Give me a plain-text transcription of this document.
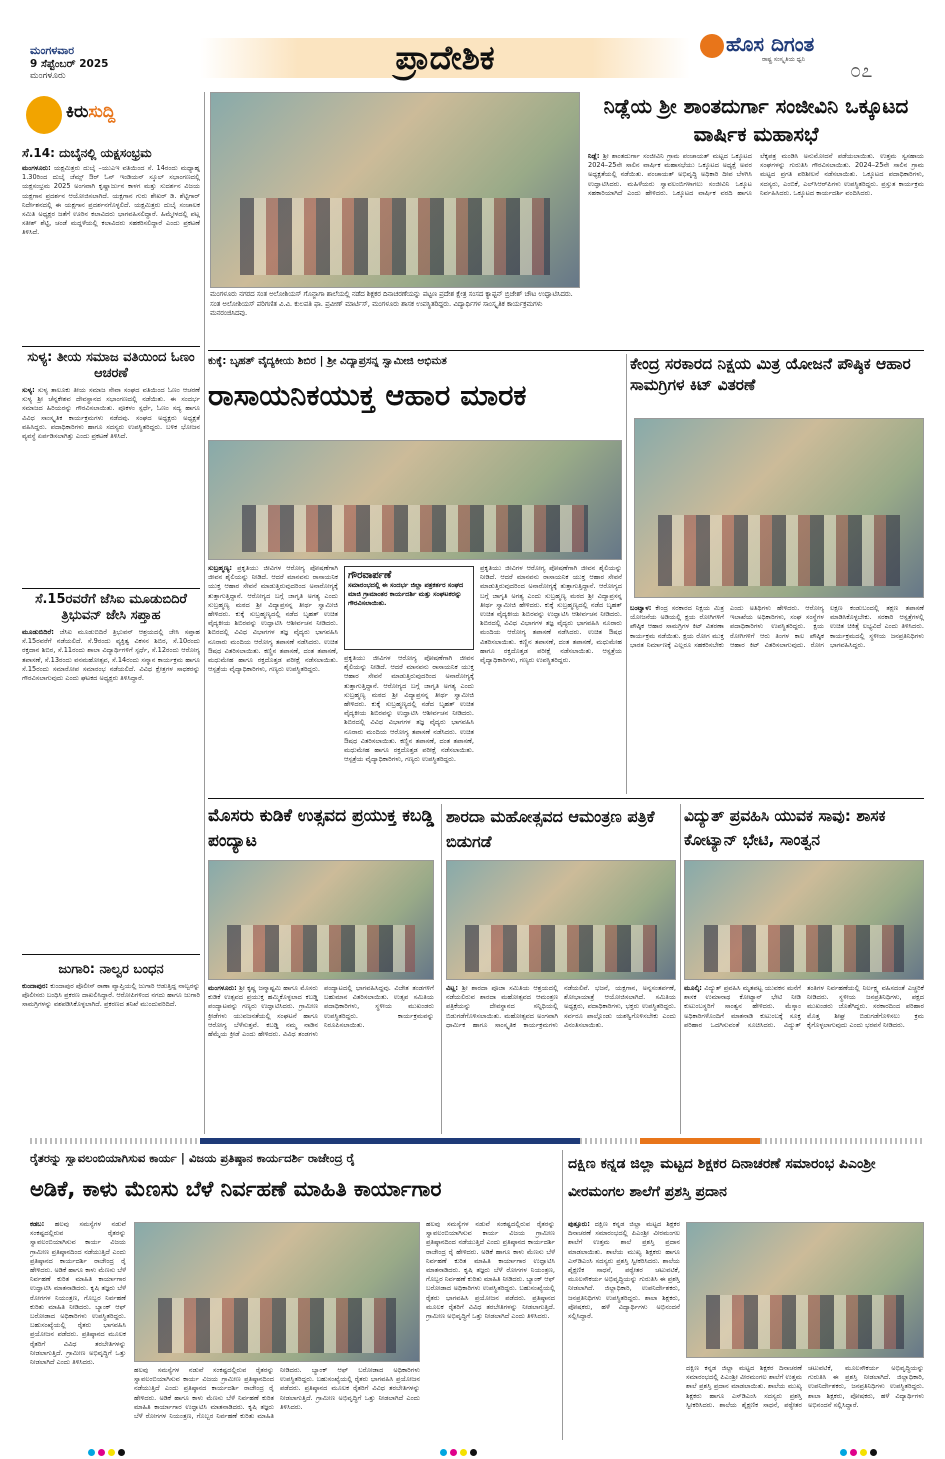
ಮಂಗಳವಾರ
9 ಸೆಪ್ಟೆಂಬರ್ 2025
ಮಂಗಳೂರು	ಪ್ರಾದೇಶಿಕ	ಹೊಸ ದಿಗಂತ
ರಾಷ್ಟ್ರ ಸಂಸ್ಕೃತಿಯ ಧ್ವನಿ ೦೭
ಕಿರುಸುದ್ದಿ
ಸೆ.14: ದುಬೈನಲ್ಲಿ ಯಕ್ಷಸಂಭ್ರಮ
ಮಂಗಳೂರು: ಯಕ್ಷಮಿತ್ರರು ದುಬೈ –ಯುಎಇ ವತಿಯಿಂದ ಸೆ. 14ರಂದು ಮಧ್ಯಾಹ್ನ 1.30ರಿಂದ ದುಬೈ ಜೆಮ್ಸ್‌ ಔರ್‌ ಓನ್ ಇಂಡಿಯನ್ ಸ್ಕೂಲ್ ಸಭಾಂಗಣದಲ್ಲಿ ಯಕ್ಷಸಂಭ್ರಮ 2025 ಅಂಗವಾಗಿ ಕೃಷ್ಣಾರ್ಜುನ ಕಾಳಗ ಮತ್ತು ಸುದರ್ಶನ ವಿಜಯ ಯಕ್ಷಗಾನ ಪ್ರದರ್ಶನ ಆಯೋಜಿಸಲಾಗಿದೆ. ಯಕ್ಷಗಾನ ಗುರು ಶೇಖರ್ ಡಿ. ಶೆಟ್ಟಿಗಾರ್ ನಿರ್ದೇಶನದಲ್ಲಿ ಈ ಯಕ್ಷಗಾನ ಪ್ರದರ್ಶನಗೊಳ್ಳಲಿದೆ. ಯಕ್ಷಮಿತ್ರರು ದುಬೈ ಸಂಚಾಲಕ ಸಮಿತಿ ಅಧ್ಯಕ್ಷರ ಜತೆಗೆ ಊರಿನ ಕಲಾವಿದರು ಭಾಗವಹಿಸಲಿದ್ದಾರೆ. ಹಿಮ್ಮೇಳದಲ್ಲಿ ಪಟ್ಲ ಸತೀಶ್ ಶೆಟ್ಟಿ, ಚಂಡೆ ಮದ್ದಳೆಯಲ್ಲಿ ಕಲಾವಿದರು ಸಹಕರಿಸಲಿದ್ದಾರೆ ಎಂದು ಪ್ರಕಟಣೆ ತಿಳಿಸಿದೆ.
ಸುಳ್ಯ: ತೀಯ ಸಮಾಜ ವತಿಯಿಂದ ಓಣಂ ಆಚರಣೆ
ಸುಳ್ಯ: ಸುಳ್ಯ ತಾಲೂಕು ತೀಯ ಸಮಾಜ ಸೇವಾ ಸಂಘದ ವತಿಯಿಂದ ಓಣಂ ಆಚರಣೆ ಸುಳ್ಯ ಶ್ರೀ ಚೆನ್ನಕೇಶವ ದೇವಸ್ಥಾನದ ಸಭಾಂಗಣದಲ್ಲಿ ನಡೆಯಿತು. ಈ ಸಂದರ್ಭ ಸಮಾಜದ ಹಿರಿಯರನ್ನು ಗೌರವಿಸಲಾಯಿತು. ಪೂಕಳಂ ಸ್ಪರ್ಧೆ, ಓಣಂ ಸದ್ಯ ಹಾಗೂ ವಿವಿಧ ಸಾಂಸ್ಕೃತಿಕ ಕಾರ್ಯಕ್ರಮಗಳು ನಡೆದವು. ಸಂಘದ ಅಧ್ಯಕ್ಷರು ಅಧ್ಯಕ್ಷತೆ ವಹಿಸಿದ್ದರು. ಪದಾಧಿಕಾರಿಗಳು ಹಾಗೂ ಸದಸ್ಯರು ಉಪಸ್ಥಿತರಿದ್ದರು. ಬಳಿಕ ಭೋಜನ ವ್ಯವಸ್ಥೆ ಏರ್ಪಡಿಸಲಾಗಿತ್ತು ಎಂದು ಪ್ರಕಟಣೆ ತಿಳಿಸಿದೆ.
ಸೆ.15ರವರೆಗೆ ಜೆಸಿಐ ಮೂಡುಬಿದಿರೆ ತ್ರಿಭುವನ್ ಜೇಸಿ ಸಪ್ತಾಹ
ಮೂಡುಬಿದಿರೆ: ಜೆಸಿಐ ಮೂಡುಬಿದಿರೆ ತ್ರಿಭುವನ್ ಆಶ್ರಯದಲ್ಲಿ ಜೇಸಿ ಸಪ್ತಾಹ ಸೆ.15ರವರೆಗೆ ನಡೆಯಲಿದೆ. ಸೆ.9ರಂದು ವ್ಯಕ್ತಿತ್ವ ವಿಕಸನ ಶಿಬಿರ, ಸೆ.10ರಂದು ರಕ್ತದಾನ ಶಿಬಿರ, ಸೆ.11ರಂದು ಶಾಲಾ ವಿದ್ಯಾರ್ಥಿಗಳಿಗೆ ಸ್ಪರ್ಧೆ, ಸೆ.12ರಂದು ಆರೋಗ್ಯ ತಪಾಸಣೆ, ಸೆ.13ರಂದು ವನಮಹೋತ್ಸವ, ಸೆ.14ರಂದು ಸನ್ಮಾನ ಕಾರ್ಯಕ್ರಮ ಹಾಗೂ ಸೆ.15ರಂದು ಸಮಾರೋಪ ಸಮಾರಂಭ ನಡೆಯಲಿದೆ. ವಿವಿಧ ಕ್ಷೇತ್ರಗಳ ಸಾಧಕರನ್ನು ಗೌರವಿಸಲಾಗುವುದು ಎಂದು ಘಟಕದ ಅಧ್ಯಕ್ಷರು ತಿಳಿಸಿದ್ದಾರೆ.
ಜುಗಾರಿ: ನಾಲ್ವರ ಬಂಧನ
ಕುಂದಾಪುರ: ಕುಂದಾಪುರ ಪೊಲೀಸ್ ಠಾಣಾ ವ್ಯಾಪ್ತಿಯಲ್ಲಿ ಜುಗಾರಿ ಆಡುತ್ತಿದ್ದ ನಾಲ್ವರನ್ನು ಪೊಲೀಸರು ಬಂಧಿಸಿ ಪ್ರಕರಣ ದಾಖಲಿಸಿದ್ದಾರೆ. ಆರೋಪಿಗಳಿಂದ ನಗದು ಹಾಗೂ ಜುಗಾರಿ ಸಾಮಗ್ರಿಗಳನ್ನು ವಶಪಡಿಸಿಕೊಳ್ಳಲಾಗಿದೆ. ಪ್ರಕರಣದ ತನಿಖೆ ಮುಂದುವರಿದಿದೆ.
ಮಂಗಳೂರು ನಗರದ ಸಂತ ಅಲೋಶಿಯಸ್ ಗೊನ್ಜಾಗಾ ಶಾಲೆಯಲ್ಲಿ ನಡೆದ ಶಿಕ್ಷಕರ ದಿನಾಚರಣೆಯನ್ನು ಪಟ್ಟಣ ಪ್ರದೇಶ ಕ್ಷೇತ್ರ ಸಂಸದ ಕ್ಯಾಪ್ಟನ್ ಬ್ರಿಜೇಶ್ ಚೌಟ ಉದ್ಘಾಟಿಸಿದರು. ಸಂತ ಅಲೋಶಿಯಸ್ ಪರಿಗಣಿತ ವಿ.ವಿ. ಕುಲಪತಿ ಫಾ. ಪ್ರವೀಣ್ ಮಾರ್ಟಿಸ್, ಮಂಗಳೂರು ಶಾಸಕ ಉಪಸ್ಥಿತರಿದ್ದರು. ವಿದ್ಯಾರ್ಥಿಗಳ ಸಾಂಸ್ಕೃತಿಕ ಕಾರ್ಯಕ್ರಮಗಳು ಮನರಂಜಿಸಿದವು.
ನಿಡ್ಲೆಯ ಶ್ರೀ ಶಾಂತದುರ್ಗಾ ಸಂಜೀವಿನಿ ಒಕ್ಕೂಟದ ವಾರ್ಷಿಕ ಮಹಾಸಭೆ
ನಿಡ್ಲೆ: ಶ್ರೀ ಶಾಂತದುರ್ಗಾ ಸಂಜೀವಿನಿ ಗ್ರಾಮ ಪಂಚಾಯತ್ ಮಟ್ಟದ ಒಕ್ಕೂಟದ 2024–25ನೇ ಸಾಲಿನ ವಾರ್ಷಿಕ ಮಹಾಸಭೆಯು ಒಕ್ಕೂಟದ ಅಧ್ಯಕ್ಷೆ ಅವರ ಅಧ್ಯಕ್ಷತೆಯಲ್ಲಿ ನಡೆಯಿತು. ಪಂಚಾಯತ್ ಅಭಿವೃದ್ಧಿ ಅಧಿಕಾರಿ ದೀಪ ಬೆಳಗಿಸಿ ಉದ್ಘಾಟಿಸಿದರು. ಮಹಿಳೆಯರು ಸ್ವಾವಲಂಬಿಗಳಾಗಲು ಸಂಜೀವಿನಿ ಒಕ್ಕೂಟ ಸಹಕಾರಿಯಾಗಿದೆ ಎಂದು ಹೇಳಿದರು. ಒಕ್ಕೂಟದ ವಾರ್ಷಿಕ ವರದಿ ಹಾಗೂ ಲೆಕ್ಕಪತ್ರ ಮಂಡಿಸಿ ಅನುಮೋದನೆ ಪಡೆಯಲಾಯಿತು. ಉತ್ತಮ ಸ್ವಸಹಾಯ ಸಂಘಗಳನ್ನು ಗುರುತಿಸಿ ಗೌರವಿಸಲಾಯಿತು. 2024–25ನೇ ಸಾಲಿನ ಗ್ರಾಮ ಮಟ್ಟದ ಪ್ರಗತಿ ಪರಿಶೀಲನೆ ನಡೆಸಲಾಯಿತು. ಒಕ್ಕೂಟದ ಪದಾಧಿಕಾರಿಗಳು, ಸದಸ್ಯರು, ಎಂಬಿಕೆ, ಎಲ್‌ಸಿಆರ್‌ಪಿಗಳು ಉಪಸ್ಥಿತರಿದ್ದರು. ಪ್ರಸ್ತುತ ಕಾರ್ಯಕ್ರಮ ನಿರ್ವಹಿಸಿದರು. ಒಕ್ಕೂಟದ ಕಾರ್ಯದರ್ಶಿ ವಂದಿಸಿದರು.
ಕುಕ್ಕೆ: ಬೃಹತ್ ವೈದ್ಯಕೀಯ ಶಿಬಿರ | ಶ್ರೀ ವಿದ್ಯಾಪ್ರಸನ್ನ ಸ್ವಾಮೀಜಿ ಅಭಿಮತ
ರಾಸಾಯನಿಕಯುಕ್ತ ಆಹಾರ ಮಾರಕ
ಸುಬ್ರಹ್ಮಣ್ಯ: ಪ್ರಕೃತಿಯು ಜೀವಿಗಳ ಆರೋಗ್ಯ ಪೋಷಣೆಗಾಗಿ ಜೀವನ ಶೈಲಿಯನ್ನು ನೀಡಿದೆ. ಆದರೆ ಮಾನವನು ರಾಸಾಯನಿಕ ಯುಕ್ತ ಆಹಾರ ಸೇವನೆ ಮಾಡುತ್ತಿರುವುದರಿಂದ ಅನಾರೋಗ್ಯಕ್ಕೆ ತುತ್ತಾಗುತ್ತಿದ್ದಾನೆ. ಆರೋಗ್ಯದ ಬಗ್ಗೆ ಜಾಗೃತಿ ಅಗತ್ಯ ಎಂದು ಸುಬ್ರಹ್ಮಣ್ಯ ಮಠದ ಶ್ರೀ ವಿದ್ಯಾಪ್ರಸನ್ನ ತೀರ್ಥ ಸ್ವಾಮೀಜಿ ಹೇಳಿದರು. ಕುಕ್ಕೆ ಸುಬ್ರಹ್ಮಣ್ಯದಲ್ಲಿ ನಡೆದ ಬೃಹತ್ ಉಚಿತ ವೈದ್ಯಕೀಯ ಶಿಬಿರವನ್ನು ಉದ್ಘಾಟಿಸಿ ಆಶೀರ್ವಚನ ನೀಡಿದರು. ಶಿಬಿರದಲ್ಲಿ ವಿವಿಧ ವಿಭಾಗಗಳ ತಜ್ಞ ವೈದ್ಯರು ಭಾಗವಹಿಸಿ ನೂರಾರು ಮಂದಿಯ ಆರೋಗ್ಯ ತಪಾಸಣೆ ನಡೆಸಿದರು. ಉಚಿತ ಔಷಧ ವಿತರಿಸಲಾಯಿತು. ಕಣ್ಣಿನ ತಪಾಸಣೆ, ದಂತ ತಪಾಸಣೆ, ಮಧುಮೇಹ ಹಾಗೂ ರಕ್ತದೊತ್ತಡ ಪರೀಕ್ಷೆ ನಡೆಸಲಾಯಿತು. ಆಸ್ಪತ್ರೆಯ ವೈದ್ಯಾಧಿಕಾರಿಗಳು, ಗಣ್ಯರು ಉಪಸ್ಥಿತರಿದ್ದರು.
ಗೌರವಾರ್ಪಣೆ
ಸಮಾರಂಭದಲ್ಲಿ ಈ ಸಂದರ್ಭ ಜಿಲ್ಲಾ ಪತ್ರಕರ್ತರ ಸಂಘದ ಮಾಜಿ ಗ್ರಾಮಾಂತರ ಕಾರ್ಯದರ್ಶಿ ಮತ್ತು ಸಂಘಟಕರನ್ನು ಗೌರವಿಸಲಾಯಿತು.
ಪ್ರಕೃತಿಯು ಜೀವಿಗಳ ಆರೋಗ್ಯ ಪೋಷಣೆಗಾಗಿ ಜೀವನ ಶೈಲಿಯನ್ನು ನೀಡಿದೆ. ಆದರೆ ಮಾನವನು ರಾಸಾಯನಿಕ ಯುಕ್ತ ಆಹಾರ ಸೇವನೆ ಮಾಡುತ್ತಿರುವುದರಿಂದ ಅನಾರೋಗ್ಯಕ್ಕೆ ತುತ್ತಾಗುತ್ತಿದ್ದಾನೆ. ಆರೋಗ್ಯದ ಬಗ್ಗೆ ಜಾಗೃತಿ ಅಗತ್ಯ ಎಂದು ಸುಬ್ರಹ್ಮಣ್ಯ ಮಠದ ಶ್ರೀ ವಿದ್ಯಾಪ್ರಸನ್ನ ತೀರ್ಥ ಸ್ವಾಮೀಜಿ ಹೇಳಿದರು. ಕುಕ್ಕೆ ಸುಬ್ರಹ್ಮಣ್ಯದಲ್ಲಿ ನಡೆದ ಬೃಹತ್ ಉಚಿತ ವೈದ್ಯಕೀಯ ಶಿಬಿರವನ್ನು ಉದ್ಘಾಟಿಸಿ ಆಶೀರ್ವಚನ ನೀಡಿದರು. ಶಿಬಿರದಲ್ಲಿ ವಿವಿಧ ವಿಭಾಗಗಳ ತಜ್ಞ ವೈದ್ಯರು ಭಾಗವಹಿಸಿ ನೂರಾರು ಮಂದಿಯ ಆರೋಗ್ಯ ತಪಾಸಣೆ ನಡೆಸಿದರು. ಉಚಿತ ಔಷಧ ವಿತರಿಸಲಾಯಿತು. ಕಣ್ಣಿನ ತಪಾಸಣೆ, ದಂತ ತಪಾಸಣೆ, ಮಧುಮೇಹ ಹಾಗೂ ರಕ್ತದೊತ್ತಡ ಪರೀಕ್ಷೆ ನಡೆಸಲಾಯಿತು. ಆಸ್ಪತ್ರೆಯ ವೈದ್ಯಾಧಿಕಾರಿಗಳು, ಗಣ್ಯರು ಉಪಸ್ಥಿತರಿದ್ದರು.
ಪ್ರಕೃತಿಯು ಜೀವಿಗಳ ಆರೋಗ್ಯ ಪೋಷಣೆಗಾಗಿ ಜೀವನ ಶೈಲಿಯನ್ನು ನೀಡಿದೆ. ಆದರೆ ಮಾನವನು ರಾಸಾಯನಿಕ ಯುಕ್ತ ಆಹಾರ ಸೇವನೆ ಮಾಡುತ್ತಿರುವುದರಿಂದ ಅನಾರೋಗ್ಯಕ್ಕೆ ತುತ್ತಾಗುತ್ತಿದ್ದಾನೆ. ಆರೋಗ್ಯದ ಬಗ್ಗೆ ಜಾಗೃತಿ ಅಗತ್ಯ ಎಂದು ಸುಬ್ರಹ್ಮಣ್ಯ ಮಠದ ಶ್ರೀ ವಿದ್ಯಾಪ್ರಸನ್ನ ತೀರ್ಥ ಸ್ವಾಮೀಜಿ ಹೇಳಿದರು. ಕುಕ್ಕೆ ಸುಬ್ರಹ್ಮಣ್ಯದಲ್ಲಿ ನಡೆದ ಬೃಹತ್ ಉಚಿತ ವೈದ್ಯಕೀಯ ಶಿಬಿರವನ್ನು ಉದ್ಘಾಟಿಸಿ ಆಶೀರ್ವಚನ ನೀಡಿದರು. ಶಿಬಿರದಲ್ಲಿ ವಿವಿಧ ವಿಭಾಗಗಳ ತಜ್ಞ ವೈದ್ಯರು ಭಾಗವಹಿಸಿ ನೂರಾರು ಮಂದಿಯ ಆರೋಗ್ಯ ತಪಾಸಣೆ ನಡೆಸಿದರು. ಉಚಿತ ಔಷಧ ವಿತರಿಸಲಾಯಿತು. ಕಣ್ಣಿನ ತಪಾಸಣೆ, ದಂತ ತಪಾಸಣೆ, ಮಧುಮೇಹ ಹಾಗೂ ರಕ್ತದೊತ್ತಡ ಪರೀಕ್ಷೆ ನಡೆಸಲಾಯಿತು. ಆಸ್ಪತ್ರೆಯ ವೈದ್ಯಾಧಿಕಾರಿಗಳು, ಗಣ್ಯರು ಉಪಸ್ಥಿತರಿದ್ದರು.
ಕೇಂದ್ರ ಸರಕಾರದ ನಿಕ್ಷಯ ಮಿತ್ರ ಯೋಜನೆ ಪೌಷ್ಠಿಕ ಆಹಾರ ಸಾಮಗ್ರಿಗಳ ಕಿಟ್ ವಿತರಣೆ
ಬಂಟ್ವಾಳ: ಕೇಂದ್ರ ಸರಕಾರದ ನಿಕ್ಷಯ ಮಿತ್ರ ಯೋಜನೆಯ ಅಡಿಯಲ್ಲಿ ಕ್ಷಯ ರೋಗಿಗಳಿಗೆ ಪೌಷ್ಠಿಕ ಆಹಾರ ಸಾಮಗ್ರಿಗಳ ಕಿಟ್ ವಿತರಣಾ ಕಾರ್ಯಕ್ರಮ ನಡೆಯಿತು. ಕ್ಷಯ ರೋಗ ಮುಕ್ತ ಭಾರತ ನಿರ್ಮಾಣಕ್ಕೆ ಎಲ್ಲರೂ ಸಹಕರಿಸಬೇಕು ಎಂದು ಅತಿಥಿಗಳು ಹೇಳಿದರು. ಆರೋಗ್ಯ ಇಲಾಖೆಯ ಅಧಿಕಾರಿಗಳು, ಸಂಘ ಸಂಸ್ಥೆಗಳ ಪದಾಧಿಕಾರಿಗಳು ಉಪಸ್ಥಿತರಿದ್ದರು. ಕ್ಷಯ ರೋಗಿಗಳಿಗೆ ಆರು ತಿಂಗಳ ಕಾಲ ಪೌಷ್ಠಿಕ ಆಹಾರ ಕಿಟ್ ವಿತರಿಸಲಾಗುವುದು. ರೋಗ ಲಕ್ಷಣ ಕಂಡುಬಂದಲ್ಲಿ ತಕ್ಷಣ ತಪಾಸಣೆ ಮಾಡಿಸಿಕೊಳ್ಳಬೇಕು. ಸರಕಾರಿ ಆಸ್ಪತ್ರೆಗಳಲ್ಲಿ ಉಚಿತ ಚಿಕಿತ್ಸೆ ಲಭ್ಯವಿದೆ ಎಂದು ತಿಳಿಸಿದರು. ಕಾರ್ಯಕ್ರಮದಲ್ಲಿ ಸ್ಥಳೀಯ ಜನಪ್ರತಿನಿಧಿಗಳು ಭಾಗವಹಿಸಿದ್ದರು.
ಮೊಸರು ಕುಡಿಕೆ ಉತ್ಸವದ ಪ್ರಯುಕ್ತ ಕಬಡ್ಡಿ ಪಂದ್ಯಾಟ
ಮಂಗಳೂರು: ಶ್ರೀ ಕೃಷ್ಣ ಜನ್ಮಾಷ್ಟಮಿ ಹಾಗೂ ಮೊಸರು ಕುಡಿಕೆ ಉತ್ಸವದ ಪ್ರಯುಕ್ತ ಹಮ್ಮಿಕೊಳ್ಳಲಾದ ಕಬಡ್ಡಿ ಪಂದ್ಯಾಟವನ್ನು ಗಣ್ಯರು ಉದ್ಘಾಟಿಸಿದರು. ಗ್ರಾಮೀಣ ಕ್ರೀಡೆಗಳು ಯುವಜನತೆಯಲ್ಲಿ ಸಂಘಟನೆ ಹಾಗೂ ಆರೋಗ್ಯ ಬೆಳೆಸುತ್ತವೆ. ಕಬಡ್ಡಿ ನಮ್ಮ ನಾಡಿನ ಹೆಮ್ಮೆಯ ಕ್ರೀಡೆ ಎಂದು ಹೇಳಿದರು. ವಿವಿಧ ತಂಡಗಳು ಪಂದ್ಯಾಟದಲ್ಲಿ ಭಾಗವಹಿಸಿದ್ದವು. ವಿಜೇತ ತಂಡಗಳಿಗೆ ಬಹುಮಾನ ವಿತರಿಸಲಾಯಿತು. ಉತ್ಸವ ಸಮಿತಿಯ ಪದಾಧಿಕಾರಿಗಳು, ಸ್ಥಳೀಯ ಮುಖಂಡರು ಉಪಸ್ಥಿತರಿದ್ದರು. ಕಾರ್ಯಕ್ರಮವನ್ನು ನಿರೂಪಿಸಲಾಯಿತು.
ಶಾರದಾ ಮಹೋತ್ಸವದ ಆಮಂತ್ರಣ ಪತ್ರಿಕೆ ಬಿಡುಗಡೆ
ವಿಟ್ಲ: ಶ್ರೀ ಶಾರದಾ ಪೂಜಾ ಸಮಿತಿಯ ಆಶ್ರಯದಲ್ಲಿ ನಡೆಯಲಿರುವ ಶಾರದಾ ಮಹೋತ್ಸವದ ಆಮಂತ್ರಣ ಪತ್ರಿಕೆಯನ್ನು ದೇವಸ್ಥಾನದ ಸನ್ನಿಧಿಯಲ್ಲಿ ಬಿಡುಗಡೆಗೊಳಿಸಲಾಯಿತು. ಮಹೋತ್ಸವದ ಅಂಗವಾಗಿ ಧಾರ್ಮಿಕ ಹಾಗೂ ಸಾಂಸ್ಕೃತಿಕ ಕಾರ್ಯಕ್ರಮಗಳು ನಡೆಯಲಿವೆ. ಭಜನೆ, ಯಕ್ಷಗಾನ, ಅನ್ನಸಂತರ್ಪಣೆ, ಶೋಭಾಯಾತ್ರೆ ಆಯೋಜಿಸಲಾಗಿದೆ. ಸಮಿತಿಯ ಅಧ್ಯಕ್ಷರು, ಪದಾಧಿಕಾರಿಗಳು, ಭಕ್ತರು ಉಪಸ್ಥಿತರಿದ್ದರು. ಸರ್ವರೂ ಪಾಲ್ಗೊಂಡು ಯಶಸ್ವಿಗೊಳಿಸಬೇಕು ಎಂದು ವಿನಂತಿಸಲಾಯಿತು.
ವಿದ್ಯುತ್ ಪ್ರವಹಿಸಿ ಯುವಕ ಸಾವು: ಶಾಸಕ ಕೋಟ್ಯಾನ್ ಭೇಟಿ, ಸಾಂತ್ವನ
ಮೂಲ್ಕಿ: ವಿದ್ಯುತ್ ಪ್ರವಹಿಸಿ ಮೃತಪಟ್ಟ ಯುವಕನ ಮನೆಗೆ ಶಾಸಕ ಉಮಾನಾಥ ಕೋಟ್ಯಾನ್ ಭೇಟಿ ನೀಡಿ ಕುಟುಂಬಸ್ಥರಿಗೆ ಸಾಂತ್ವನ ಹೇಳಿದರು. ಮೆಸ್ಕಾಂ ಅಧಿಕಾರಿಗಳೊಂದಿಗೆ ಮಾತನಾಡಿ ಕುಟುಂಬಕ್ಕೆ ಸೂಕ್ತ ಪರಿಹಾರ ಒದಗಿಸುವಂತೆ ಸೂಚಿಸಿದರು. ವಿದ್ಯುತ್ ತಂತಿಗಳ ನಿರ್ವಹಣೆಯಲ್ಲಿ ನಿರ್ಲಕ್ಷ್ಯ ವಹಿಸದಂತೆ ಎಚ್ಚರಿಕೆ ನೀಡಿದರು. ಸ್ಥಳೀಯ ಜನಪ್ರತಿನಿಧಿಗಳು, ಪಕ್ಷದ ಮುಖಂಡರು ಜೊತೆಗಿದ್ದರು. ಸರಕಾರದಿಂದ ಪರಿಹಾರ ಮೊತ್ತ ಶೀಘ್ರ ಬಿಡುಗಡೆಗೊಳಿಸಲು ಕ್ರಮ ಕೈಗೊಳ್ಳಲಾಗುವುದು ಎಂದು ಭರವಸೆ ನೀಡಿದರು.
ರೈತರನ್ನು ಸ್ವಾವಲಂಬಿಯಾಗಿಸುವ ಕಾರ್ಯ | ವಿಜಯ ಪ್ರತಿಷ್ಠಾನ ಕಾರ್ಯದರ್ಶಿ ರಾಜೇಂದ್ರ ರೈ
ಅಡಿಕೆ, ಕಾಳು ಮೆಣಸು ಬೆಳೆ ನಿರ್ವಹಣೆ ಮಾಹಿತಿ ಕಾರ್ಯಾಗಾರ
ಕಡಬ: ಹಲವು ಸಮಸ್ಯೆಗಳ ನಡುವೆ ಸಂಕಷ್ಟದಲ್ಲಿರುವ ರೈತರನ್ನು ಸ್ವಾವಲಂಬಿಯಾಗಿಸುವ ಕಾರ್ಯ ವಿಜಯ ಗ್ರಾಮೀಣ ಪ್ರತಿಷ್ಠಾನದಿಂದ ನಡೆಯುತ್ತಿದೆ ಎಂದು ಪ್ರತಿಷ್ಠಾನದ ಕಾರ್ಯದರ್ಶಿ ರಾಜೇಂದ್ರ ರೈ ಹೇಳಿದರು. ಅಡಿಕೆ ಹಾಗೂ ಕಾಳು ಮೆಣಸು ಬೆಳೆ ನಿರ್ವಹಣೆ ಕುರಿತ ಮಾಹಿತಿ ಕಾರ್ಯಾಗಾರ ಉದ್ಘಾಟಿಸಿ ಮಾತನಾಡಿದರು. ಕೃಷಿ ತಜ್ಞರು ಬೆಳೆ ರೋಗಗಳ ನಿಯಂತ್ರಣ, ಗೊಬ್ಬರ ನಿರ್ವಹಣೆ ಕುರಿತು ಮಾಹಿತಿ ನೀಡಿದರು. ಬ್ಯಾಂಕ್ ಆಫ್ ಬರೋಡಾದ ಅಧಿಕಾರಿಗಳು ಉಪಸ್ಥಿತರಿದ್ದರು. ಬಹುಸಂಖ್ಯೆಯಲ್ಲಿ ರೈತರು ಭಾಗವಹಿಸಿ ಪ್ರಯೋಜನ ಪಡೆದರು. ಪ್ರತಿಷ್ಠಾನದ ಮೂಲಕ ರೈತರಿಗೆ ವಿವಿಧ ತರಬೇತಿಗಳನ್ನು ನೀಡಲಾಗುತ್ತಿದೆ. ಗ್ರಾಮೀಣ ಅಭಿವೃದ್ಧಿಗೆ ಒತ್ತು ನೀಡಲಾಗಿದೆ ಎಂದು ತಿಳಿಸಿದರು.
ಹಲವು ಸಮಸ್ಯೆಗಳ ನಡುವೆ ಸಂಕಷ್ಟದಲ್ಲಿರುವ ರೈತರನ್ನು ಸ್ವಾವಲಂಬಿಯಾಗಿಸುವ ಕಾರ್ಯ ವಿಜಯ ಗ್ರಾಮೀಣ ಪ್ರತಿಷ್ಠಾನದಿಂದ ನಡೆಯುತ್ತಿದೆ ಎಂದು ಪ್ರತಿಷ್ಠಾನದ ಕಾರ್ಯದರ್ಶಿ ರಾಜೇಂದ್ರ ರೈ ಹೇಳಿದರು. ಅಡಿಕೆ ಹಾಗೂ ಕಾಳು ಮೆಣಸು ಬೆಳೆ ನಿರ್ವಹಣೆ ಕುರಿತ ಮಾಹಿತಿ ಕಾರ್ಯಾಗಾರ ಉದ್ಘಾಟಿಸಿ ಮಾತನಾಡಿದರು. ಕೃಷಿ ತಜ್ಞರು ಬೆಳೆ ರೋಗಗಳ ನಿಯಂತ್ರಣ, ಗೊಬ್ಬರ ನಿರ್ವಹಣೆ ಕುರಿತು ಮಾಹಿತಿ ನೀಡಿದರು. ಬ್ಯಾಂಕ್ ಆಫ್ ಬರೋಡಾದ ಅಧಿಕಾರಿಗಳು ಉಪಸ್ಥಿತರಿದ್ದರು. ಬಹುಸಂಖ್ಯೆಯಲ್ಲಿ ರೈತರು ಭಾಗವಹಿಸಿ ಪ್ರಯೋಜನ ಪಡೆದರು. ಪ್ರತಿಷ್ಠಾನದ ಮೂಲಕ ರೈತರಿಗೆ ವಿವಿಧ ತರಬೇತಿಗಳನ್ನು ನೀಡಲಾಗುತ್ತಿದೆ. ಗ್ರಾಮೀಣ ಅಭಿವೃದ್ಧಿಗೆ ಒತ್ತು ನೀಡಲಾಗಿದೆ ಎಂದು ತಿಳಿಸಿದರು.
ಹಲವು ಸಮಸ್ಯೆಗಳ ನಡುವೆ ಸಂಕಷ್ಟದಲ್ಲಿರುವ ರೈತರನ್ನು ಸ್ವಾವಲಂಬಿಯಾಗಿಸುವ ಕಾರ್ಯ ವಿಜಯ ಗ್ರಾಮೀಣ ಪ್ರತಿಷ್ಠಾನದಿಂದ ನಡೆಯುತ್ತಿದೆ ಎಂದು ಪ್ರತಿಷ್ಠಾನದ ಕಾರ್ಯದರ್ಶಿ ರಾಜೇಂದ್ರ ರೈ ಹೇಳಿದರು. ಅಡಿಕೆ ಹಾಗೂ ಕಾಳು ಮೆಣಸು ಬೆಳೆ ನಿರ್ವಹಣೆ ಕುರಿತ ಮಾಹಿತಿ ಕಾರ್ಯಾಗಾರ ಉದ್ಘಾಟಿಸಿ ಮಾತನಾಡಿದರು. ಕೃಷಿ ತಜ್ಞರು ಬೆಳೆ ರೋಗಗಳ ನಿಯಂತ್ರಣ, ಗೊಬ್ಬರ ನಿರ್ವಹಣೆ ಕುರಿತು ಮಾಹಿತಿ ನೀಡಿದರು. ಬ್ಯಾಂಕ್ ಆಫ್ ಬರೋಡಾದ ಅಧಿಕಾರಿಗಳು ಉಪಸ್ಥಿತರಿದ್ದರು. ಬಹುಸಂಖ್ಯೆಯಲ್ಲಿ ರೈತರು ಭಾಗವಹಿಸಿ ಪ್ರಯೋಜನ ಪಡೆದರು. ಪ್ರತಿಷ್ಠಾನದ ಮೂಲಕ ರೈತರಿಗೆ ವಿವಿಧ ತರಬೇತಿಗಳನ್ನು ನೀಡಲಾಗುತ್ತಿದೆ. ಗ್ರಾಮೀಣ ಅಭಿವೃದ್ಧಿಗೆ ಒತ್ತು ನೀಡಲಾಗಿದೆ ಎಂದು ತಿಳಿಸಿದರು.
ದಕ್ಷಿಣ ಕನ್ನಡ ಜಿಲ್ಲಾ ಮಟ್ಟದ ಶಿಕ್ಷಕರ ದಿನಾಚರಣೆ ಸಮಾರಂಭ ಪಿಎಂಶ್ರೀ ವೀರಮಂಗಲ ಶಾಲೆಗೆ ಪ್ರಶಸ್ತಿ ಪ್ರದಾನ
ಪುತ್ತೂರು: ದಕ್ಷಿಣ ಕನ್ನಡ ಜಿಲ್ಲಾ ಮಟ್ಟದ ಶಿಕ್ಷಕರ ದಿನಾಚರಣೆ ಸಮಾರಂಭದಲ್ಲಿ ಪಿಎಂಶ್ರೀ ವೀರಮಂಗಲ ಶಾಲೆಗೆ ಉತ್ತಮ ಶಾಲೆ ಪ್ರಶಸ್ತಿ ಪ್ರದಾನ ಮಾಡಲಾಯಿತು. ಶಾಲೆಯ ಮುಖ್ಯ ಶಿಕ್ಷಕರು ಹಾಗೂ ಎಸ್‌ಡಿಎಂಸಿ ಸದಸ್ಯರು ಪ್ರಶಸ್ತಿ ಸ್ವೀಕರಿಸಿದರು. ಶಾಲೆಯ ಶೈಕ್ಷಣಿಕ ಸಾಧನೆ, ಪಠ್ಯೇತರ ಚಟುವಟಿಕೆ, ಮೂಲಸೌಕರ್ಯ ಅಭಿವೃದ್ಧಿಯನ್ನು ಗುರುತಿಸಿ ಈ ಪ್ರಶಸ್ತಿ ನೀಡಲಾಗಿದೆ. ಜಿಲ್ಲಾಧಿಕಾರಿ, ಉಪನಿರ್ದೇಶಕರು, ಜನಪ್ರತಿನಿಧಿಗಳು ಉಪಸ್ಥಿತರಿದ್ದರು. ಶಾಲಾ ಶಿಕ್ಷಕರು, ಪೋಷಕರು, ಹಳೆ ವಿದ್ಯಾರ್ಥಿಗಳು ಅಭಿನಂದನೆ ಸಲ್ಲಿಸಿದ್ದಾರೆ.
ದಕ್ಷಿಣ ಕನ್ನಡ ಜಿಲ್ಲಾ ಮಟ್ಟದ ಶಿಕ್ಷಕರ ದಿನಾಚರಣೆ ಸಮಾರಂಭದಲ್ಲಿ ಪಿಎಂಶ್ರೀ ವೀರಮಂಗಲ ಶಾಲೆಗೆ ಉತ್ತಮ ಶಾಲೆ ಪ್ರಶಸ್ತಿ ಪ್ರದಾನ ಮಾಡಲಾಯಿತು. ಶಾಲೆಯ ಮುಖ್ಯ ಶಿಕ್ಷಕರು ಹಾಗೂ ಎಸ್‌ಡಿಎಂಸಿ ಸದಸ್ಯರು ಪ್ರಶಸ್ತಿ ಸ್ವೀಕರಿಸಿದರು. ಶಾಲೆಯ ಶೈಕ್ಷಣಿಕ ಸಾಧನೆ, ಪಠ್ಯೇತರ ಚಟುವಟಿಕೆ, ಮೂಲಸೌಕರ್ಯ ಅಭಿವೃದ್ಧಿಯನ್ನು ಗುರುತಿಸಿ ಈ ಪ್ರಶಸ್ತಿ ನೀಡಲಾಗಿದೆ. ಜಿಲ್ಲಾಧಿಕಾರಿ, ಉಪನಿರ್ದೇಶಕರು, ಜನಪ್ರತಿನಿಧಿಗಳು ಉಪಸ್ಥಿತರಿದ್ದರು. ಶಾಲಾ ಶಿಕ್ಷಕರು, ಪೋಷಕರು, ಹಳೆ ವಿದ್ಯಾರ್ಥಿಗಳು ಅಭಿನಂದನೆ ಸಲ್ಲಿಸಿದ್ದಾರೆ.
